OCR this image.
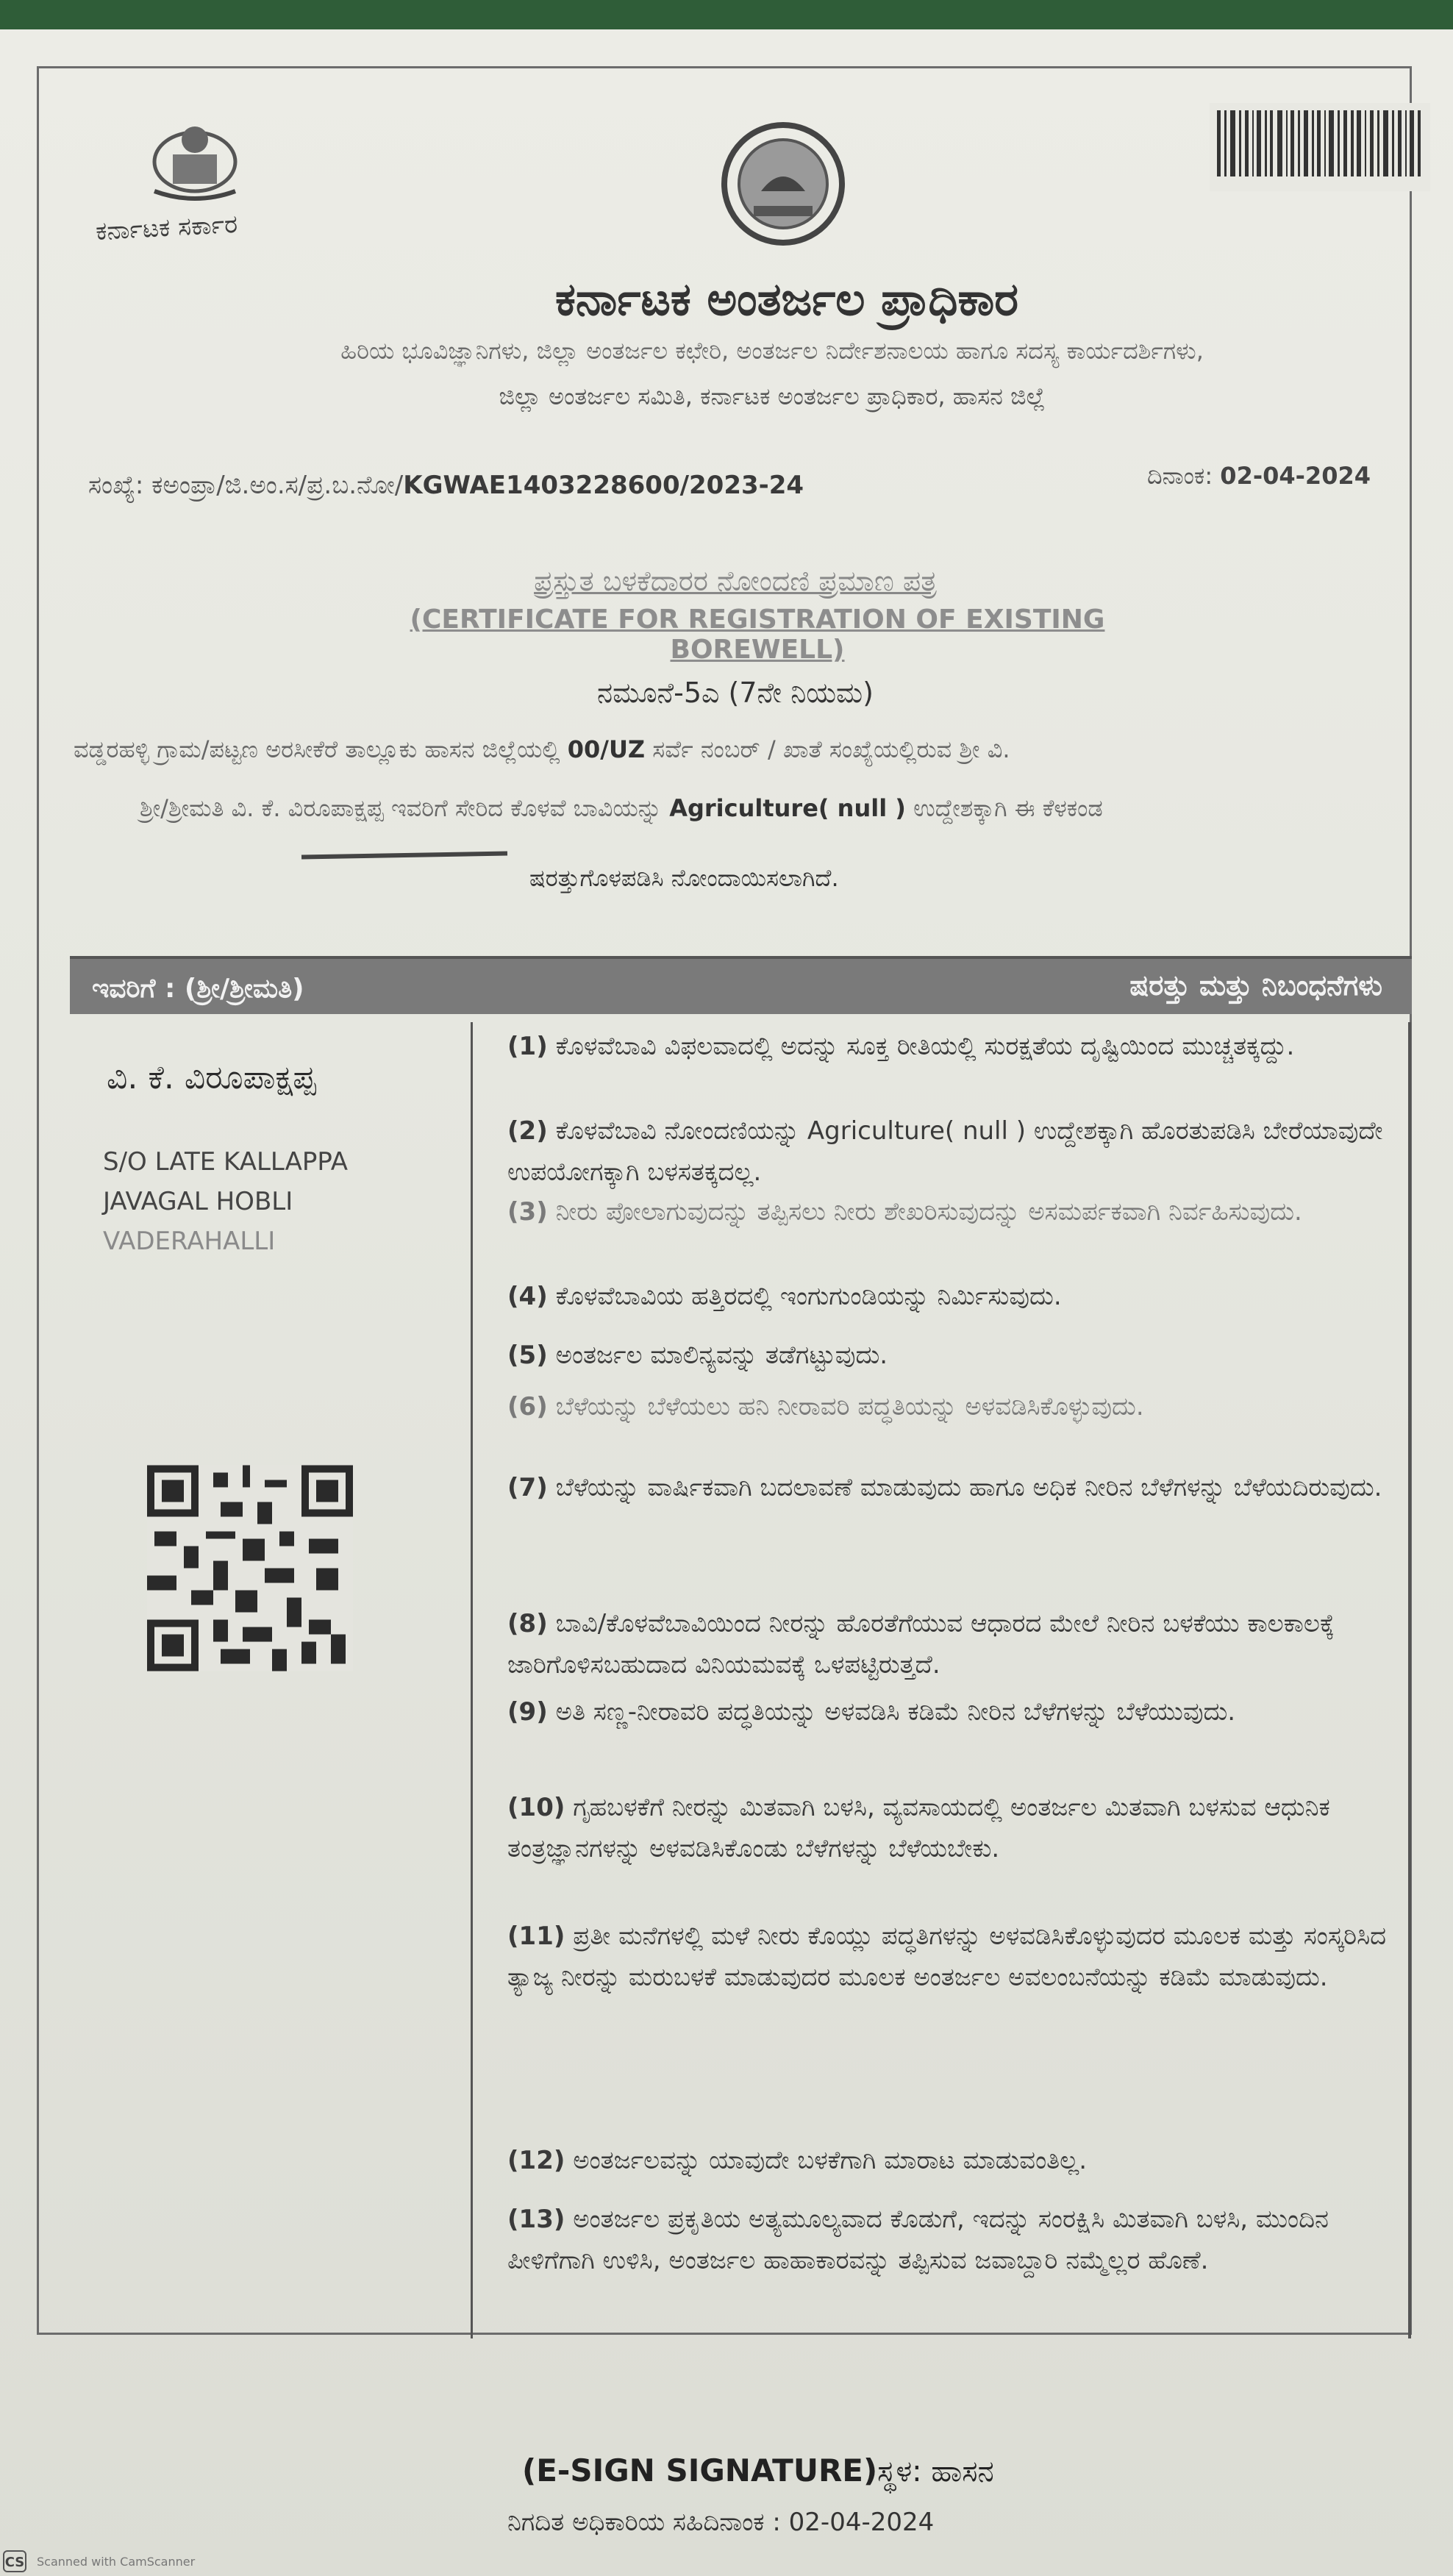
ಕರ್ನಾಟಕ ಸರ್ಕಾರ
ಕರ್ನಾಟಕ ಅಂತರ್ಜಲ ಪ್ರಾಧಿಕಾರ
ಹಿರಿಯ ಭೂವಿಜ್ಞಾನಿಗಳು, ಜಿಲ್ಲಾ ಅಂತರ್ಜಲ ಕಛೇರಿ, ಅಂತರ್ಜಲ ನಿರ್ದೇಶನಾಲಯ ಹಾಗೂ ಸದಸ್ಯ ಕಾರ್ಯದರ್ಶಿಗಳು,
ಜಿಲ್ಲಾ ಅಂತರ್ಜಲ ಸಮಿತಿ, ಕರ್ನಾಟಕ ಅಂತರ್ಜಲ ಪ್ರಾಧಿಕಾರ, ಹಾಸನ ಜಿಲ್ಲೆ
ಸಂಖ್ಯೆ: ಕಅಂಪ್ರಾ/ಜಿ.ಅಂ.ಸ/ಪ್ರ.ಬ.ನೋ/KGWAE1403228600/2023-24	ದಿನಾಂಕ: 02-04-2024
ಪ್ರಸ್ತುತ ಬಳಕೆದಾರರ ನೋಂದಣಿ ಪ್ರಮಾಣ ಪತ್ರ
(CERTIFICATE FOR REGISTRATION OF EXISTING BOREWELL)
ನಮೂನೆ-5ಎ (7ನೇ ನಿಯಮ)
ವಡ್ಡರಹಳ್ಳಿ ಗ್ರಾಮ/ಪಟ್ಟಣ ಅರಸೀಕೆರೆ ತಾಲ್ಲೂಕು ಹಾಸನ ಜಿಲ್ಲೆಯಲ್ಲಿ 00/UZ ಸರ್ವೆ ನಂಬರ್ / ಖಾತೆ ಸಂಖ್ಯೆಯಲ್ಲಿರುವ ಶ್ರೀ ವಿ.
ಶ್ರೀ/ಶ್ರೀಮತಿ ವಿ. ಕೆ. ವಿರೂಪಾಕ್ಷಪ್ಪ ಇವರಿಗೆ ಸೇರಿದ ಕೊಳವೆ ಬಾವಿಯನ್ನು Agriculture( null ) ಉದ್ದೇಶಕ್ಕಾಗಿ ಈ ಕೆಳಕಂಡ
ಷರತ್ತುಗೊಳಪಡಿಸಿ ನೋಂದಾಯಿಸಲಾಗಿದೆ.
ಇವರಿಗೆ : (ಶ್ರೀ/ಶ್ರೀಮತಿ)	ಷರತ್ತು ಮತ್ತು ನಿಬಂಧನೆಗಳು
ವಿ. ಕೆ. ವಿರೂಪಾಕ್ಷಪ್ಪ
S/O LATE KALLAPPA
JAVAGAL HOBLI
VADERAHALLI
(1) ಕೊಳವೆಬಾವಿ ವಿಫಲವಾದಲ್ಲಿ ಅದನ್ನು ಸೂಕ್ತ ರೀತಿಯಲ್ಲಿ ಸುರಕ್ಷತೆಯ ದೃಷ್ಟಿಯಿಂದ ಮುಚ್ಚತಕ್ಕದ್ದು.
(2) ಕೊಳವೆಬಾವಿ ನೋಂದಣಿಯನ್ನು Agriculture( null ) ಉದ್ದೇಶಕ್ಕಾಗಿ ಹೊರತುಪಡಿಸಿ ಬೇರೆಯಾವುದೇ ಉಪಯೋಗಕ್ಕಾಗಿ ಬಳಸತಕ್ಕದಲ್ಲ.
(3) ನೀರು ಪೋಲಾಗುವುದನ್ನು ತಪ್ಪಿಸಲು ನೀರು ಶೇಖರಿಸುವುದನ್ನು ಅಸಮರ್ಪಕವಾಗಿ ನಿರ್ವಹಿಸುವುದು.
(4) ಕೊಳವೆಬಾವಿಯ ಹತ್ತಿರದಲ್ಲಿ ಇಂಗುಗುಂಡಿಯನ್ನು ನಿರ್ಮಿಸುವುದು.
(5) ಅಂತರ್ಜಲ ಮಾಲಿನ್ಯವನ್ನು ತಡೆಗಟ್ಟುವುದು.
(6) ಬೆಳೆಯನ್ನು ಬೆಳೆಯಲು ಹನಿ ನೀರಾವರಿ ಪದ್ಧತಿಯನ್ನು ಅಳವಡಿಸಿಕೊಳ್ಳುವುದು.
(7) ಬೆಳೆಯನ್ನು ವಾರ್ಷಿಕವಾಗಿ ಬದಲಾವಣೆ ಮಾಡುವುದು ಹಾಗೂ ಅಧಿಕ ನೀರಿನ ಬೆಳೆಗಳನ್ನು ಬೆಳೆಯದಿರುವುದು.
(8) ಬಾವಿ/ಕೊಳವೆಬಾವಿಯಿಂದ ನೀರನ್ನು ಹೊರತೆಗೆಯುವ ಆಧಾರದ ಮೇಲೆ ನೀರಿನ ಬಳಕೆಯು ಕಾಲಕಾಲಕ್ಕೆ ಜಾರಿಗೊಳಿಸಬಹುದಾದ ವಿನಿಯಮವಕ್ಕೆ ಒಳಪಟ್ಟಿರುತ್ತದೆ.
(9) ಅತಿ ಸಣ್ಣ-ನೀರಾವರಿ ಪದ್ಧತಿಯನ್ನು ಅಳವಡಿಸಿ ಕಡಿಮೆ ನೀರಿನ ಬೆಳೆಗಳನ್ನು ಬೆಳೆಯುವುದು.
(10) ಗೃಹಬಳಕೆಗೆ ನೀರನ್ನು ಮಿತವಾಗಿ ಬಳಸಿ, ವ್ಯವಸಾಯದಲ್ಲಿ ಅಂತರ್ಜಲ ಮಿತವಾಗಿ ಬಳಸುವ ಆಧುನಿಕ ತಂತ್ರಜ್ಞಾನಗಳನ್ನು ಅಳವಡಿಸಿಕೊಂಡು ಬೆಳೆಗಳನ್ನು ಬೆಳೆಯಬೇಕು.
(11) ಪ್ರತೀ ಮನೆಗಳಲ್ಲಿ ಮಳೆ ನೀರು ಕೊಯ್ಲು ಪದ್ಧತಿಗಳನ್ನು ಅಳವಡಿಸಿಕೊಳ್ಳುವುದರ ಮೂಲಕ ಮತ್ತು ಸಂಸ್ಕರಿಸಿದ ತ್ಯಾಜ್ಯ ನೀರನ್ನು ಮರುಬಳಕೆ ಮಾಡುವುದರ ಮೂಲಕ ಅಂತರ್ಜಲ ಅವಲಂಬನೆಯನ್ನು ಕಡಿಮೆ ಮಾಡುವುದು.
(12) ಅಂತರ್ಜಲವನ್ನು ಯಾವುದೇ ಬಳಕೆಗಾಗಿ ಮಾರಾಟ ಮಾಡುವಂತಿಲ್ಲ.
(13) ಅಂತರ್ಜಲ ಪ್ರಕೃತಿಯ ಅತ್ಯಮೂಲ್ಯವಾದ ಕೊಡುಗೆ, ಇದನ್ನು ಸಂರಕ್ಷಿಸಿ ಮಿತವಾಗಿ ಬಳಸಿ, ಮುಂದಿನ ಪೀಳಿಗೆಗಾಗಿ ಉಳಿಸಿ, ಅಂತರ್ಜಲ ಹಾಹಾಕಾರವನ್ನು ತಪ್ಪಿಸುವ ಜವಾಬ್ದಾರಿ ನಮ್ಮೆಲ್ಲರ ಹೊಣೆ.
(E-SIGN SIGNATURE)ಸ್ಥಳ: ಹಾಸನ
ನಿಗದಿತ ಅಧಿಕಾರಿಯ ಸಹಿದಿನಾಂಕ : 02-04-2024
CS Scanned with CamScanner
